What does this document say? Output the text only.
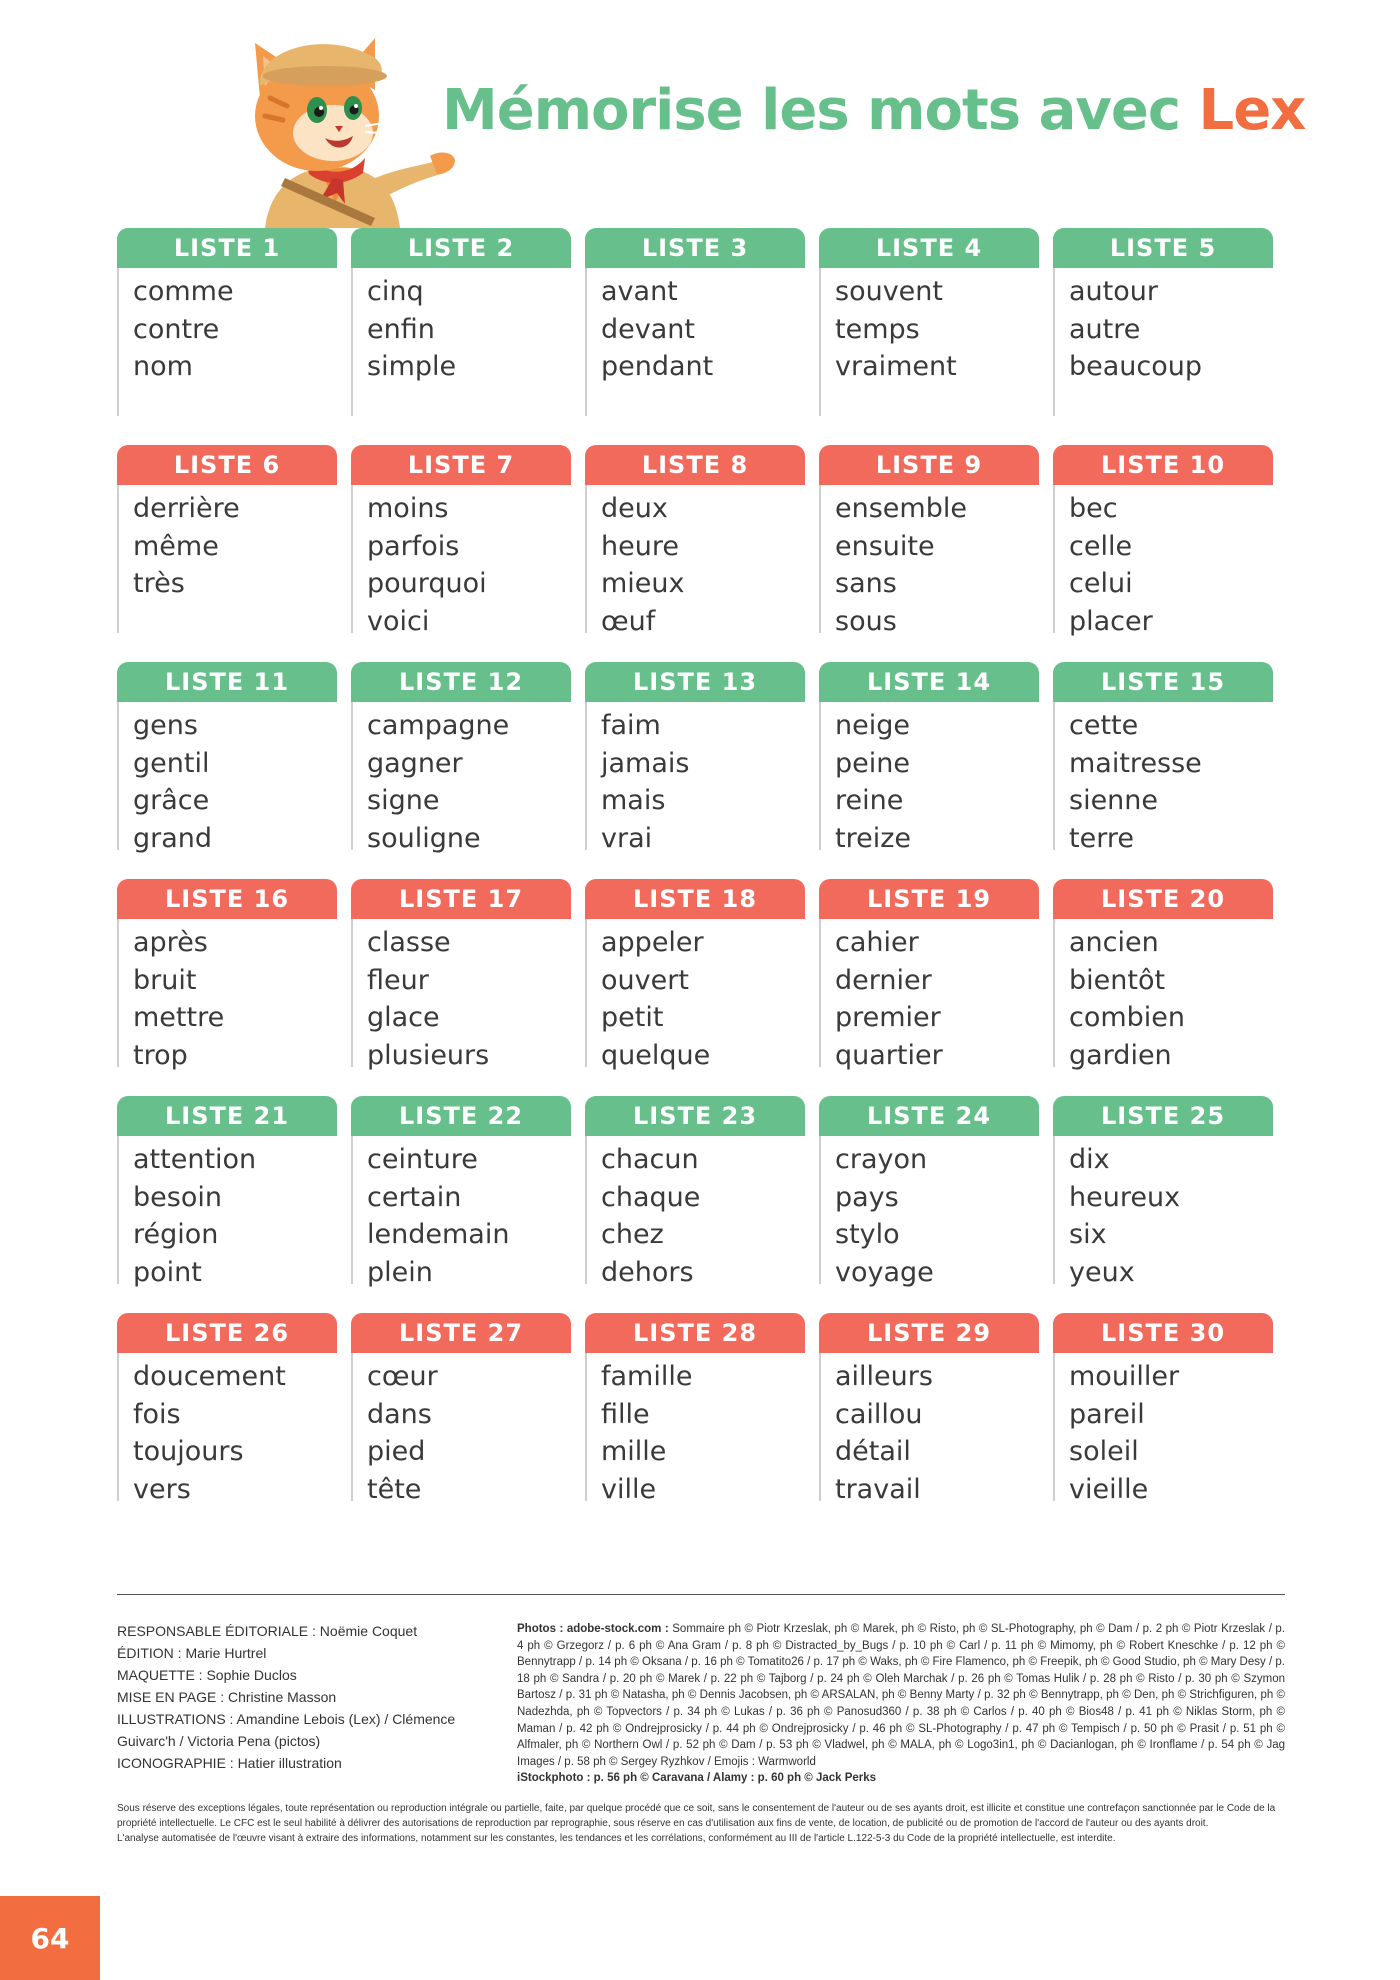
Mémorise les mots avec Lex
LISTE 1
comme
contre
nom
LISTE 2
cinq
enfin
simple
LISTE 3
avant
devant
pendant
LISTE 4
souvent
temps
vraiment
LISTE 5
autour
autre
beaucoup
LISTE 6
derrière
même
très
LISTE 7
moins
parfois
pourquoi
voici
LISTE 8
deux
heure
mieux
œuf
LISTE 9
ensemble
ensuite
sans
sous
LISTE 10
bec
celle
celui
placer
LISTE 11
gens
gentil
grâce
grand
LISTE 12
campagne
gagner
signe
souligne
LISTE 13
faim
jamais
mais
vrai
LISTE 14
neige
peine
reine
treize
LISTE 15
cette
maitresse
sienne
terre
LISTE 16
après
bruit
mettre
trop
LISTE 17
classe
fleur
glace
plusieurs
LISTE 18
appeler
ouvert
petit
quelque
LISTE 19
cahier
dernier
premier
quartier
LISTE 20
ancien
bientôt
combien
gardien
LISTE 21
attention
besoin
région
point
LISTE 22
ceinture
certain
lendemain
plein
LISTE 23
chacun
chaque
chez
dehors
LISTE 24
crayon
pays
stylo
voyage
LISTE 25
dix
heureux
six
yeux
LISTE 26
doucement
fois
toujours
vers
LISTE 27
cœur
dans
pied
tête
LISTE 28
famille
fille
mille
ville
LISTE 29
ailleurs
caillou
détail
travail
LISTE 30
mouiller
pareil
soleil
vieille
RESPONSABLE ÉDITORIALE : Noëmie Coquet
ÉDITION : Marie Hurtrel
MAQUETTE : Sophie Duclos
MISE EN PAGE : Christine Masson
ILLUSTRATIONS : Amandine Lebois (Lex) / Clémence Guivarc'h / Victoria Pena (pictos)
ICONOGRAPHIE : Hatier illustration
Photos : adobe-stock.com : Sommaire ph © Piotr Krzeslak, ph © Marek, ph © Risto, ph © SL-Photography, ph © Dam / p. 2 ph © Piotr Krzeslak / p. 4 ph © Grzegorz / p. 6 ph © Ana Gram / p. 8 ph © Distracted_by_Bugs / p. 10 ph © Carl / p. 11 ph © Mimomy, ph © Robert Kneschke / p. 12 ph © Bennytrapp / p. 14 ph © Oksana / p. 16 ph © Tomatito26 / p. 17 ph © Waks, ph © Fire Flamenco, ph © Freepik, ph © Good Studio, ph © Mary Desy / p. 18 ph © Sandra / p. 20 ph © Marek / p. 22 ph © Tajborg / p. 24 ph © Oleh Marchak / p. 26 ph © Tomas Hulik / p. 28 ph © Risto / p. 30 ph © Szymon Bartosz / p. 31 ph © Natasha, ph © Dennis Jacobsen, ph © ARSALAN, ph © Benny Marty / p. 32 ph © Bennytrapp, ph © Den, ph © Strichfiguren, ph © Nadezhda, ph © Topvectors / p. 34 ph © Lukas / p. 36 ph © Panosud360 / p. 38 ph © Carlos / p. 40 ph © Bios48 / p. 41 ph © Niklas Storm, ph © Maman / p. 42 ph © Ondrejprosicky / p. 44 ph © Ondrejprosicky / p. 46 ph © SL-Photography / p. 47 ph © Tempisch / p. 50 ph © Prasit / p. 51 ph © Alfmaler, ph © Northern Owl / p. 52 ph © Dam / p. 53 ph © Vladwel, ph © MALA, ph © Logo3in1, ph © Dacianlogan, ph © Ironflame / p. 54 ph © Jag Images / p. 58 ph © Sergey Ryzhkov / Emojis : Warmworld
iStockphoto : p. 56 ph © Caravana / Alamy : p. 60 ph © Jack Perks

Sous réserve des exceptions légales, toute représentation ou reproduction intégrale ou partielle, faite, par quelque procédé que ce soit, sans le consentement de l'auteur ou de ses ayants droit, est illicite et constitue une contrefaçon sanctionnée par le Code de la propriété intellectuelle. Le CFC est le seul habilité à délivrer des autorisations de reproduction par reprographie, sous réserve en cas d'utilisation aux fins de vente, de location, de publicité ou de promotion de l'accord de l'auteur ou des ayants droit.

L'analyse automatisée de l'œuvre visant à extraire des informations, notamment sur les constantes, les tendances et les corrélations, conformément au III de l'article L.122-5-3 du Code de la propriété intellectuelle, est interdite.

64
